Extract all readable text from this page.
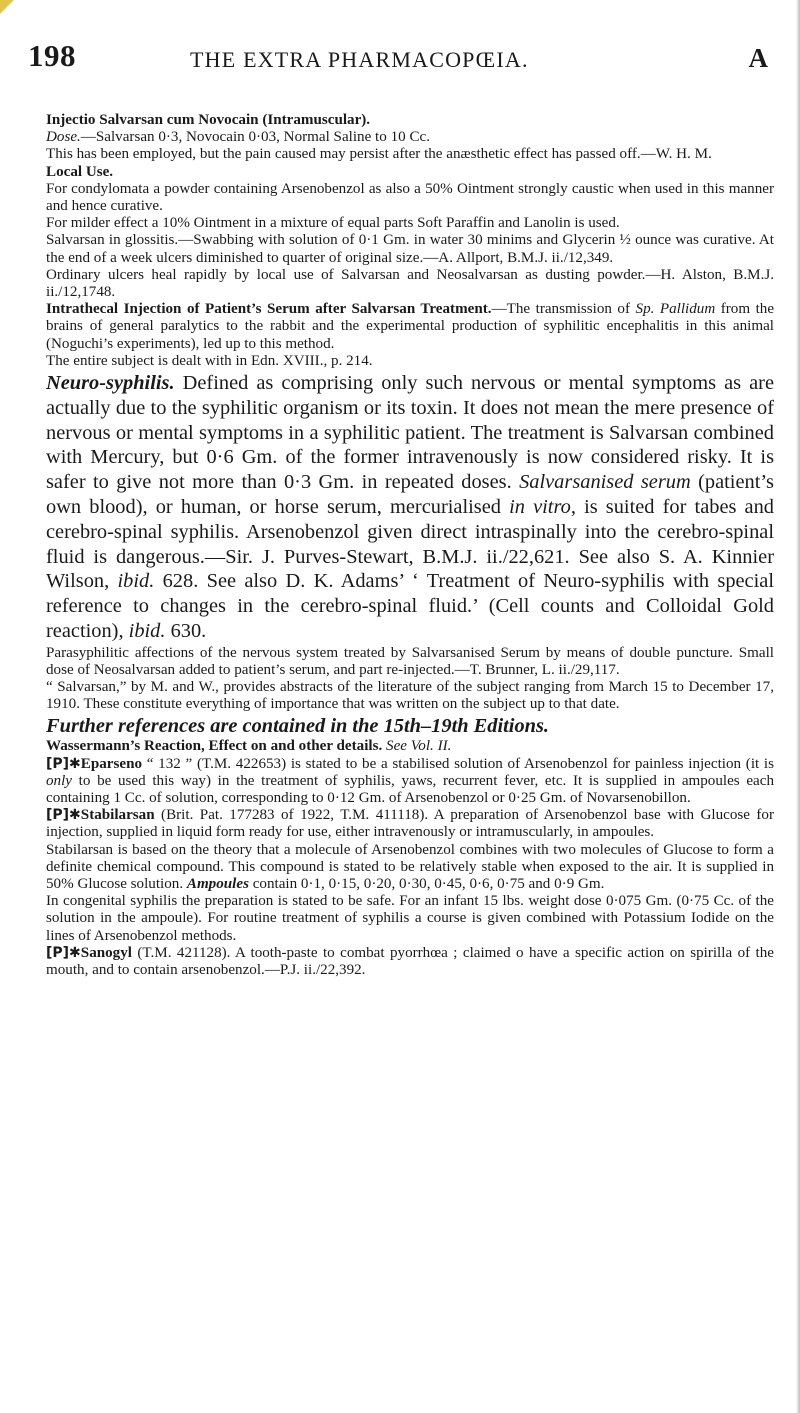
198	THE EXTRA PHARMACOPŒIA.	A

Injectio Salvarsan cum Novocain (Intramuscular).

Dose.—Salvarsan 0·3, Novocain 0·03, Normal Saline to 10 Cc.

This has been employed, but the pain caused may persist after the anæsthetic effect has passed off.—W. H. M.

Local Use.

For condylomata a powder containing Arsenobenzol as also a 50% Ointment strongly caustic when used in this manner and hence curative.

For milder effect a 10% Ointment in a mixture of equal parts Soft Paraffin and Lanolin is used.

Salvarsan in glossitis.—Swabbing with solution of 0·1 Gm. in water 30 minims and Glycerin ½ ounce was curative. At the end of a week ulcers diminished to quarter of original size.—A. Allport, B.M.J. ii./12,349.

Ordinary ulcers heal rapidly by local use of Salvarsan and Neosalvarsan as dusting powder.—H. Alston, B.M.J. ii./12,1748.

Intrathecal Injection of Patient’s Serum after Salvarsan Treatment.—The transmission of Sp. Pallidum from the brains of general paralytics to the rabbit and the experimental production of syphilitic encephalitis in this animal (Noguchi’s experiments), led up to this method.

The entire subject is dealt with in Edn. XVIII., p. 214.

Neuro-syphilis. Defined as comprising only such nervous or mental symptoms as are actually due to the syphilitic organism or its toxin. It does not mean the mere presence of nervous or mental symptoms in a syphilitic patient. The treatment is Salvarsan combined with Mercury, but 0·6 Gm. of the former intravenously is now considered risky. It is safer to give not more than 0·3 Gm. in repeated doses. Salvarsanised serum (patient’s own blood), or human, or horse serum, mercurialised in vitro, is suited for tabes and cerebro-spinal syphilis. Arsenobenzol given direct intraspinally into the cerebro-spinal fluid is dangerous.—Sir. J. Purves-Stewart, B.M.J. ii./22,621. See also S. A. Kinnier Wilson, ibid. 628. See also D. K. Adams’ ‘ Treatment of Neuro-syphilis with special reference to changes in the cerebro-spinal fluid.’ (Cell counts and Colloidal Gold reaction), ibid. 630.

Parasyphilitic affections of the nervous system treated by Salvarsanised Serum by means of double puncture. Small dose of Neosalvarsan added to patient’s serum, and part re-injected.—T. Brunner, L. ii./29,117.

“ Salvarsan,” by M. and W., provides abstracts of the literature of the subject ranging from March 15 to December 17, 1910. These constitute everything of importance that was written on the subject up to that date.

Further references are contained in the 15th–19th Editions.

Wassermann’s Reaction, Effect on and other details. See Vol. II.

[P]✱Eparseno “ 132 ” (T.M. 422653) is stated to be a stabilised solution of Arsenobenzol for painless injection (it is only to be used this way) in the treatment of syphilis, yaws, recurrent fever, etc. It is supplied in ampoules each containing 1 Cc. of solution, corresponding to 0·12 Gm. of Arsenobenzol or 0·25 Gm. of Novarsenobillon.

[P]✱Stabilarsan (Brit. Pat. 177283 of 1922, T.M. 411118). A preparation of Arsenobenzol base with Glucose for injection, supplied in liquid form ready for use, either intravenously or intramuscularly, in ampoules.

Stabilarsan is based on the theory that a molecule of Arsenobenzol combines with two molecules of Glucose to form a definite chemical compound. This compound is stated to be relatively stable when exposed to the air. It is supplied in 50% Glucose solution. Ampoules contain 0·1, 0·15, 0·20, 0·30, 0·45, 0·6, 0·75 and 0·9 Gm.

In congenital syphilis the preparation is stated to be safe. For an infant 15 lbs. weight dose 0·075 Gm. (0·75 Cc. of the solution in the ampoule). For routine treatment of syphilis a course is given combined with Potassium Iodide on the lines of Arsenobenzol methods.

[P]✱Sanogyl (T.M. 421128). A tooth-paste to combat pyorrhœa ; claimed o have a specific action on spirilla of the mouth, and to contain arsenobenzol.—P.J. ii./22,392.
